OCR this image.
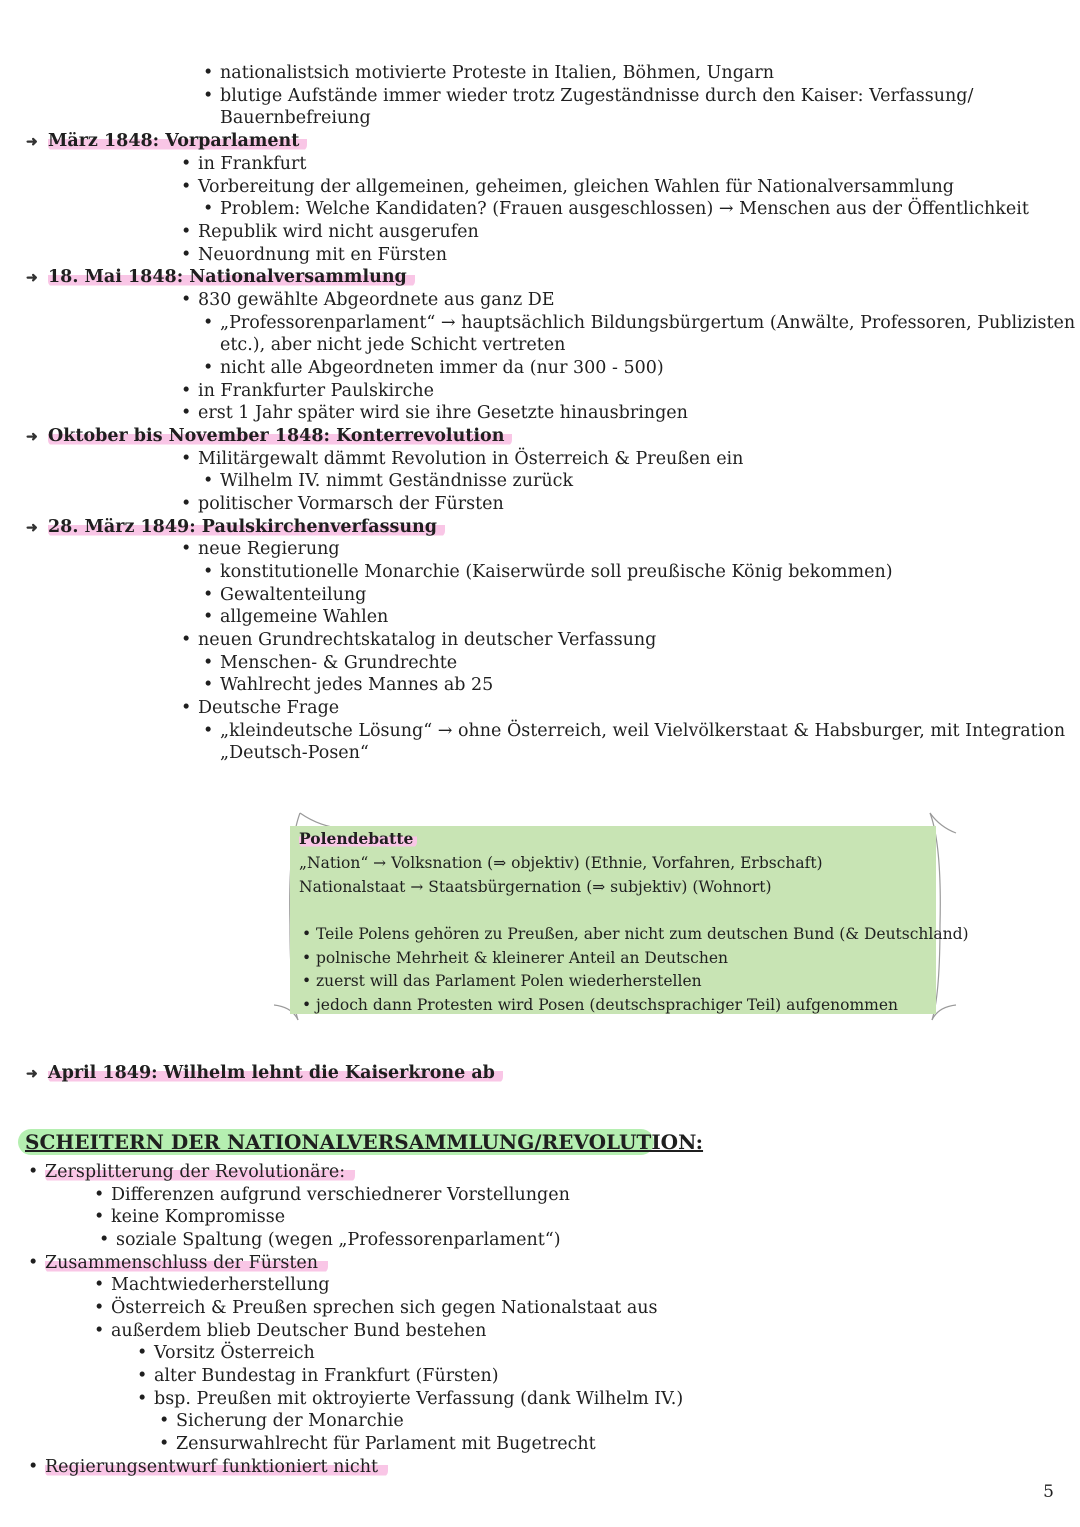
• nationalistsich motivierte Proteste in Italien, Böhmen, Ungarn
• blutige Aufstände immer wieder trotz Zugeständnisse durch den Kaiser: Verfassung/
Bauernbefreiung
➜ März 1848: Vorparlament
• in Frankfurt
• Vorbereitung der allgemeinen, geheimen, gleichen Wahlen für Nationalversammlung
• Problem: Welche Kandidaten? (Frauen ausgeschlossen) → Menschen aus der Öffentlichkeit
• Republik wird nicht ausgerufen
• Neuordnung mit en Fürsten
➜ 18. Mai 1848: Nationalversammlung
• 830 gewählte Abgeordnete aus ganz DE
• „Professorenparlament“ → hauptsächlich Bildungsbürgertum (Anwälte, Professoren, Publizisten
etc.), aber nicht jede Schicht vertreten
• nicht alle Abgeordneten immer da (nur 300 - 500)
• in Frankfurter Paulskirche
• erst 1 Jahr später wird sie ihre Gesetzte hinausbringen
➜ Oktober bis November 1848: Konterrevolution
• Militärgewalt dämmt Revolution in Österreich & Preußen ein
• Wilhelm IV. nimmt Geständnisse zurück
• politischer Vormarsch der Fürsten
➜ 28. März 1849: Paulskirchenverfassung
• neue Regierung
• konstitutionelle Monarchie (Kaiserwürde soll preußische König bekommen)
• Gewaltenteilung
• allgemeine Wahlen
• neuen Grundrechtskatalog in deutscher Verfassung
• Menschen- & Grundrechte
• Wahlrecht jedes Mannes ab 25
• Deutsche Frage
• „kleindeutsche Lösung“ → ohne Österreich, weil Vielvölkerstaat & Habsburger, mit Integration
„Deutsch-Posen“
Polendebatte
„Nation“ → Volksnation (⇒ objektiv) (Ethnie, Vorfahren, Erbschaft)
Nationalstaat → Staatsbürgernation (⇒ subjektiv) (Wohnort)
• Teile Polens gehören zu Preußen, aber nicht zum deutschen Bund (& Deutschland)
• polnische Mehrheit & kleinerer Anteil an Deutschen
• zuerst will das Parlament Polen wiederherstellen
• jedoch dann Protesten wird Posen (deutschsprachiger Teil) aufgenommen
➜ April 1849: Wilhelm lehnt die Kaiserkrone ab
SCHEITERN DER NATIONALVERSAMMLUNG/REVOLUTION:
• Zersplitterung der Revolutionäre:
• Differenzen aufgrund verschiednerer Vorstellungen
• keine Kompromisse
• soziale Spaltung (wegen „Professorenparlament“)
• Zusammenschluss der Fürsten
• Machtwiederherstellung
• Österreich & Preußen sprechen sich gegen Nationalstaat aus
• außerdem blieb Deutscher Bund bestehen
• Vorsitz Österreich
• alter Bundestag in Frankfurt (Fürsten)
• bsp. Preußen mit oktroyierte Verfassung (dank Wilhelm IV.)
• Sicherung der Monarchie
• Zensurwahlrecht für Parlament mit Bugetrecht
• Regierungsentwurf funktioniert nicht
5
